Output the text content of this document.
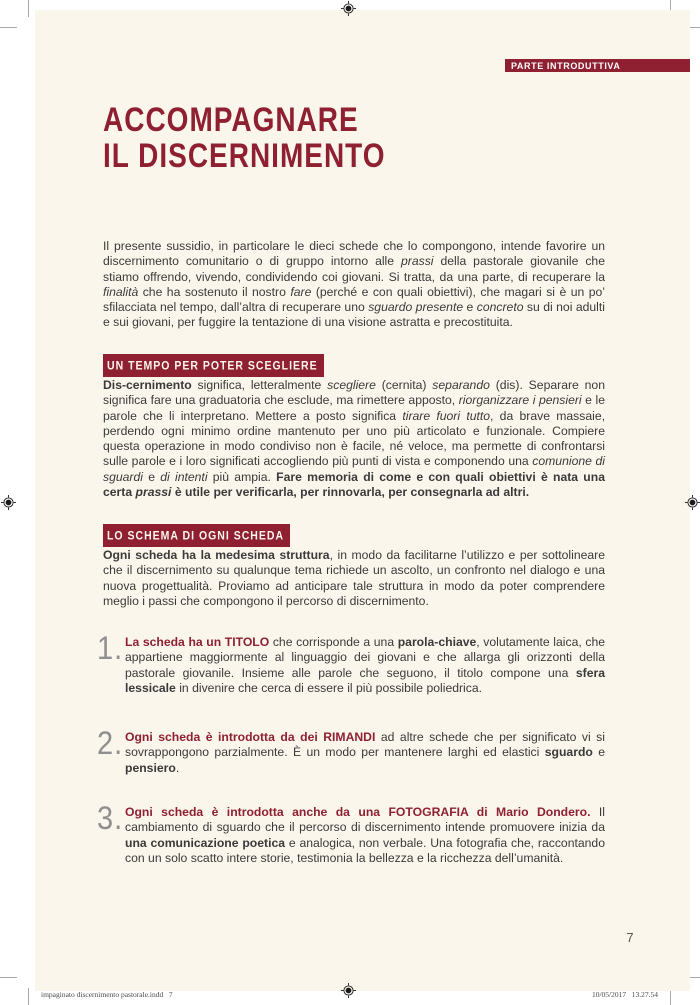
PARTE INTRODUTTIVA
ACCOMPAGNARE
IL DISCERNIMENTO

Il presente sussidio, in particolare le dieci schede che lo compongono, intende favorire un discernimento comunitario o di gruppo intorno alle prassi della pastorale giovanile che stiamo offrendo, vivendo, condividendo coi giovani. Si tratta, da una parte, di recuperare la finalità che ha sostenuto il nostro fare (perché e con quali obiettivi), che magari si è un po’ sfilacciata nel tempo, dall’altra di recuperare uno sguardo presente e concreto su di noi adulti e sui giovani, per fuggire la tentazione di una visione astratta e precostituita.

UN TEMPO PER POTER SCEGLIERE

Dis-cernimento significa, letteralmente scegliere (cernita) separando (dis). Separare non significa fare una graduatoria che esclude, ma rimettere apposto, riorganizzare i pensieri e le parole che li interpretano. Mettere a posto significa tirare fuori tutto, da brave massaie, perdendo ogni minimo ordine mantenuto per uno più articolato e funzionale. Compiere questa operazione in modo condiviso non è facile, né veloce, ma permette di confrontarsi sulle parole e i loro significati accogliendo più punti di vista e componendo una comunione di sguardi e di intenti più ampia. Fare memoria di come e con quali obiettivi è nata una certa prassi è utile per verificarla, per rinnovarla, per consegnarla ad altri.

LO SCHEMA DI OGNI SCHEDA

Ogni scheda ha la medesima struttura, in modo da facilitarne l’utilizzo e per sottolineare che il discernimento su qualunque tema richiede un ascolto, un confronto nel dialogo e una nuova progettualità. Proviamo ad anticipare tale struttura in modo da poter comprendere meglio i passi che compongono il percorso di discernimento.

1. La scheda ha un TITOLO che corrisponde a una parola-chiave, volutamente laica, che appartiene maggiormente al linguaggio dei giovani e che allarga gli orizzonti della pastorale giovanile. Insieme alle parole che seguono, il titolo compone una sfera lessicale in divenire che cerca di essere il più possibile poliedrica.

2. Ogni scheda è introdotta da dei RIMANDI ad altre schede che per significato vi si sovrappongono parzialmente. È un modo per mantenere larghi ed elastici sguardo e pensiero.

3. Ogni scheda è introdotta anche da una FOTOGRAFIA di Mario Dondero. Il cambiamento di sguardo che il percorso di discernimento intende promuovere inizia da una comunicazione poetica e analogica, non verbale. Una fotografia che, raccontando con un solo scatto intere storie, testimonia la bellezza e la ricchezza dell’umanità.

7
impaginato discernimento pastorale.indd   7	10/05/2017   13.27.54
